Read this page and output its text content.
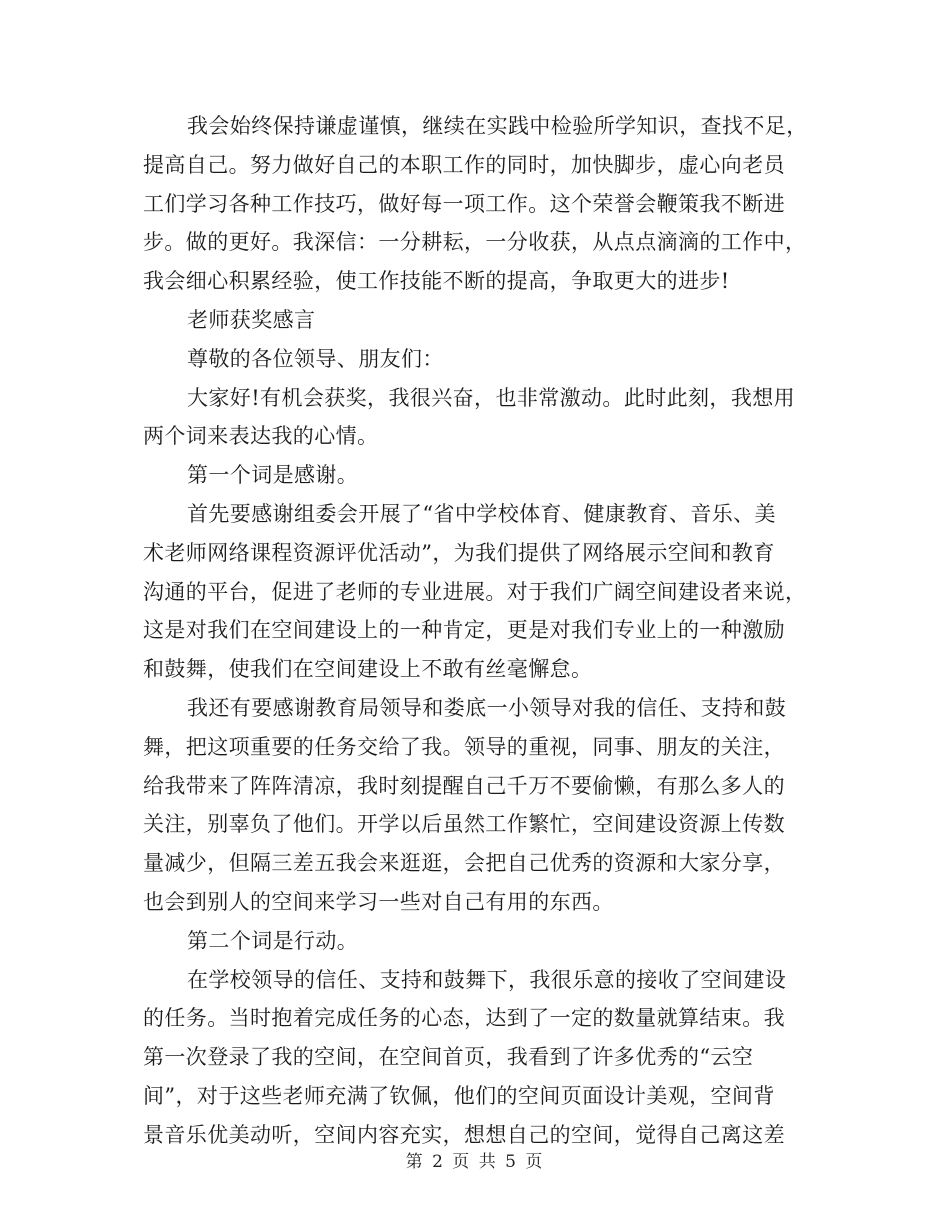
我会始终保持谦虚谨慎，继续在实践中检验所学知识，查找不足，
提高自己。努力做好自己的本职工作的同时，加快脚步，虚心向老员
工们学习各种工作技巧，做好每一项工作。这个荣誉会鞭策我不断进
步。做的更好。我深信：一分耕耘，一分收获，从点点滴滴的工作中，
我会细心积累经验，使工作技能不断的提高，争取更大的进步!
老师获奖感言
尊敬的各位领导、朋友们：
大家好!有机会获奖，我很兴奋，也非常激动。此时此刻，我想用
两个词来表达我的心情。
第一个词是感谢。
首先要感谢组委会开展了“省中学校体育、健康教育、音乐、美
术老师网络课程资源评优活动”，为我们提供了网络展示空间和教育
沟通的平台，促进了老师的专业进展。对于我们广阔空间建设者来说，
这是对我们在空间建设上的一种肯定，更是对我们专业上的一种激励
和鼓舞，使我们在空间建设上不敢有丝毫懈怠。
我还有要感谢教育局领导和娄底一小领导对我的信任、支持和鼓
舞，把这项重要的任务交给了我。领导的重视，同事、朋友的关注，
给我带来了阵阵清凉，我时刻提醒自己千万不要偷懒，有那么多人的
关注，别辜负了他们。开学以后虽然工作繁忙，空间建设资源上传数
量减少，但隔三差五我会来逛逛，会把自己优秀的资源和大家分享，
也会到别人的空间来学习一些对自己有用的东西。
第二个词是行动。
在学校领导的信任、支持和鼓舞下，我很乐意的接收了空间建设
的任务。当时抱着完成任务的心态，达到了一定的数量就算结束。我
第一次登录了我的空间，在空间首页，我看到了许多优秀的“云空
间”，对于这些老师充满了钦佩，他们的空间页面设计美观，空间背
景音乐优美动听，空间内容充实，想想自己的空间，觉得自己离这差
第 2 页 共 5 页
